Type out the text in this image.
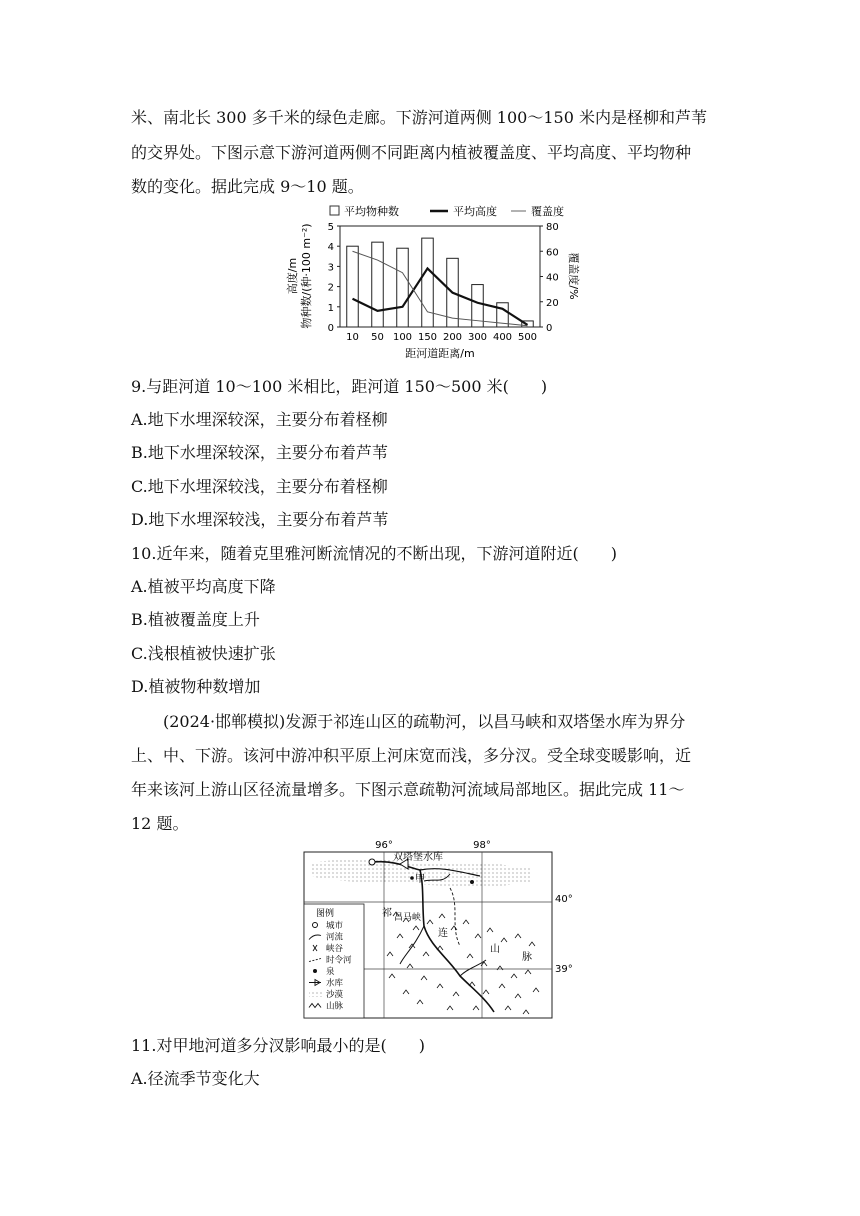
米、南北长 300 多千米的绿色走廊。下游河道两侧 100～150 米内是柽柳和芦苇
的交界处。下图示意下游河道两侧不同距离内植被覆盖度、平均高度、平均物种
数的变化。据此完成 9～10 题。
平均物种数	平均高度	覆盖度
高度/m 物种数/(种·100 m⁻²)	覆盖度/%
0
1
2
3
4
5
0
20
40
60
80
10 50 100 150 200 300 400 500
距河道距离/m
9.与距河道 10～100 米相比，距河道 150～500 米(　　)
A.地下水埋深较深，主要分布着柽柳
B.地下水埋深较深，主要分布着芦苇
C.地下水埋深较浅，主要分布着柽柳
D.地下水埋深较浅，主要分布着芦苇
10.近年来，随着克里雅河断流情况的不断出现，下游河道附近(　　)
A.植被平均高度下降
B.植被覆盖度上升
C.浅根植被快速扩张
D.植被物种数增加
(2024·邯郸模拟)发源于祁连山区的疏勒河，以昌马峡和双塔堡水库为界分
上、中、下游。该河中游冲积平原上河床宽而浅，多分汊。受全球变暖影响，近
年来该河上游山区径流量增多。下图示意疏勒河流域局部地区。据此完成 11～
12 题。
96°	98°
40°
39°
双塔堡水库
甲
昌马峡
祁
连
山
脉
图例
城市
河流
峡谷
时令河
泉
水库
沙漠
山脉
11.对甲地河道多分汊影响最小的是(　　)
A.径流季节变化大
